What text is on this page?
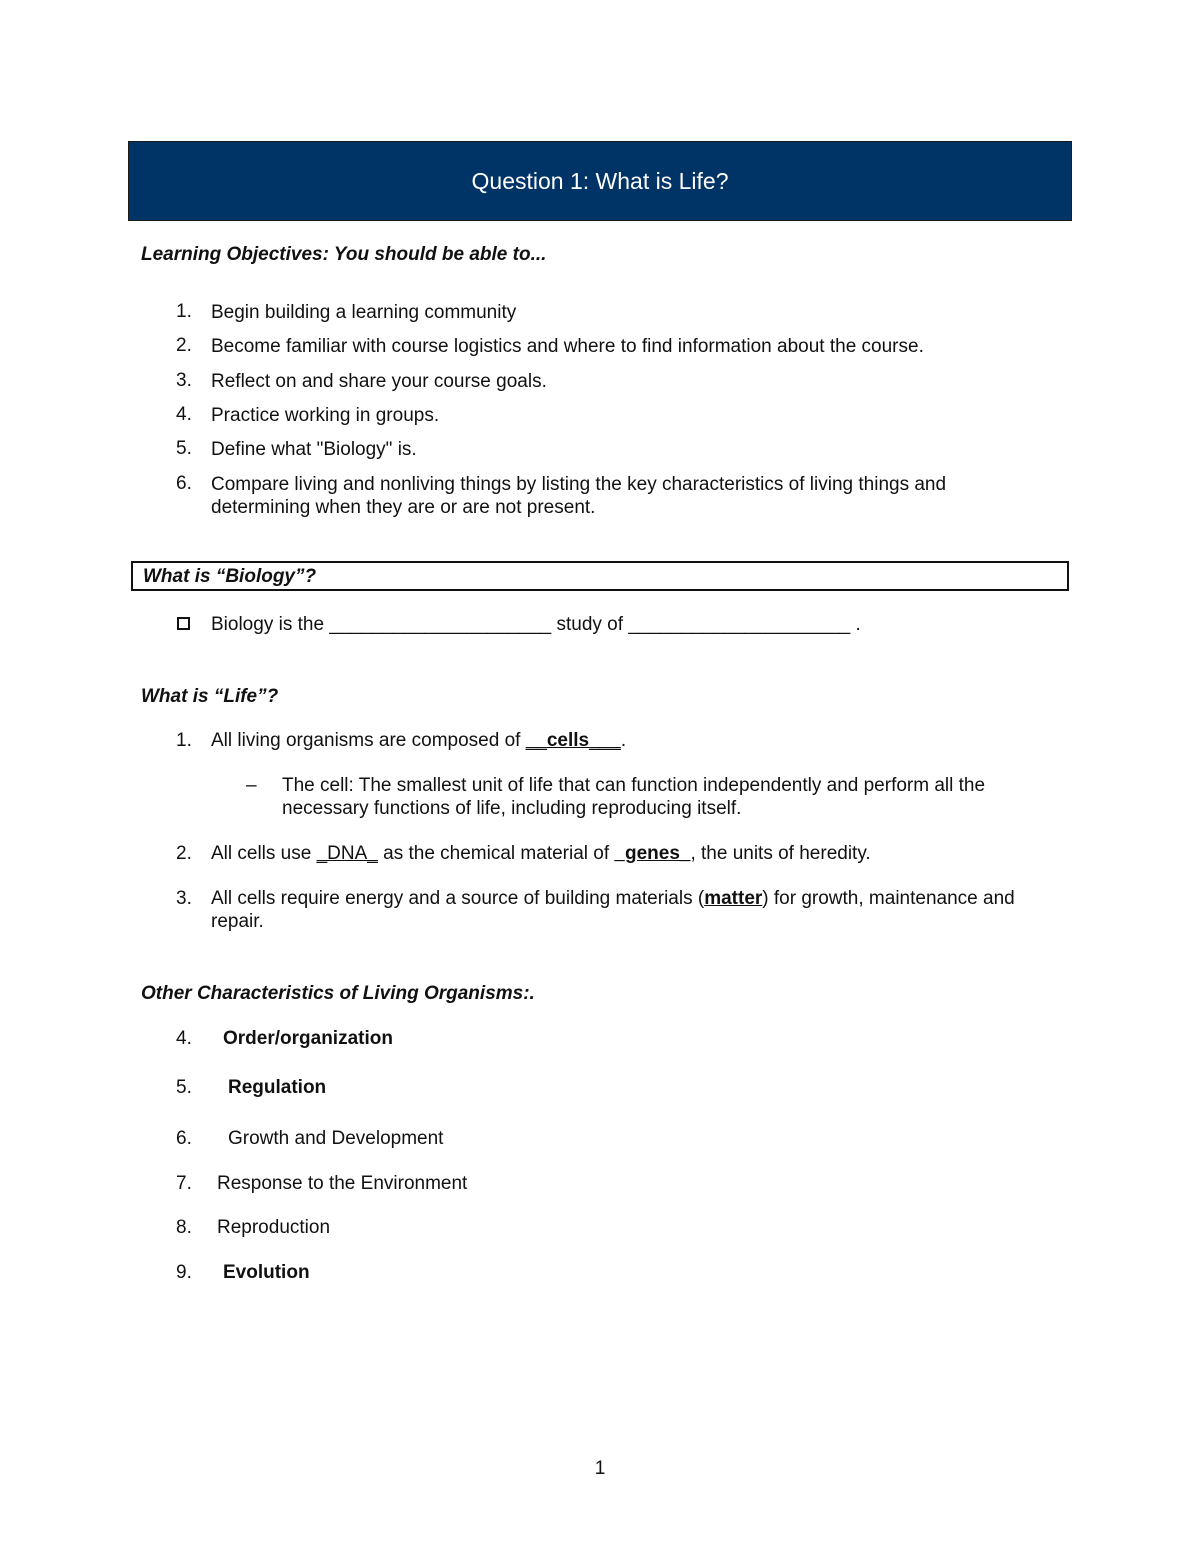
Question 1: What is Life?
Learning Objectives: You should be able to...
1.	Begin building a learning community
2.	Become familiar with course logistics and where to find information about the course.
3.	Reflect on and share your course goals.
4.	Practice working in groups.
5.	Define what "Biology" is.
6.	Compare living and nonliving things by listing the key characteristics of living things and
determining when they are or are not present.
What is “Biology”?
Biology is the _____________________ study of _____________________ .
What is “Life”?
1.	All living organisms are composed of __cells___.
– The cell: The smallest unit of life that can function independently and perform all the
necessary functions of life, including reproducing itself.
2.	All cells use _DNA_ as the chemical material of _genes_, the units of heredity.
3.	All cells require energy and a source of building materials (matter) for growth, maintenance and
repair.
Other Characteristics of Living Organisms:.
4.	Order/organization
5.	Regulation
6.	Growth and Development
7.	Response to the Environment
8.	Reproduction
9.	Evolution
1
